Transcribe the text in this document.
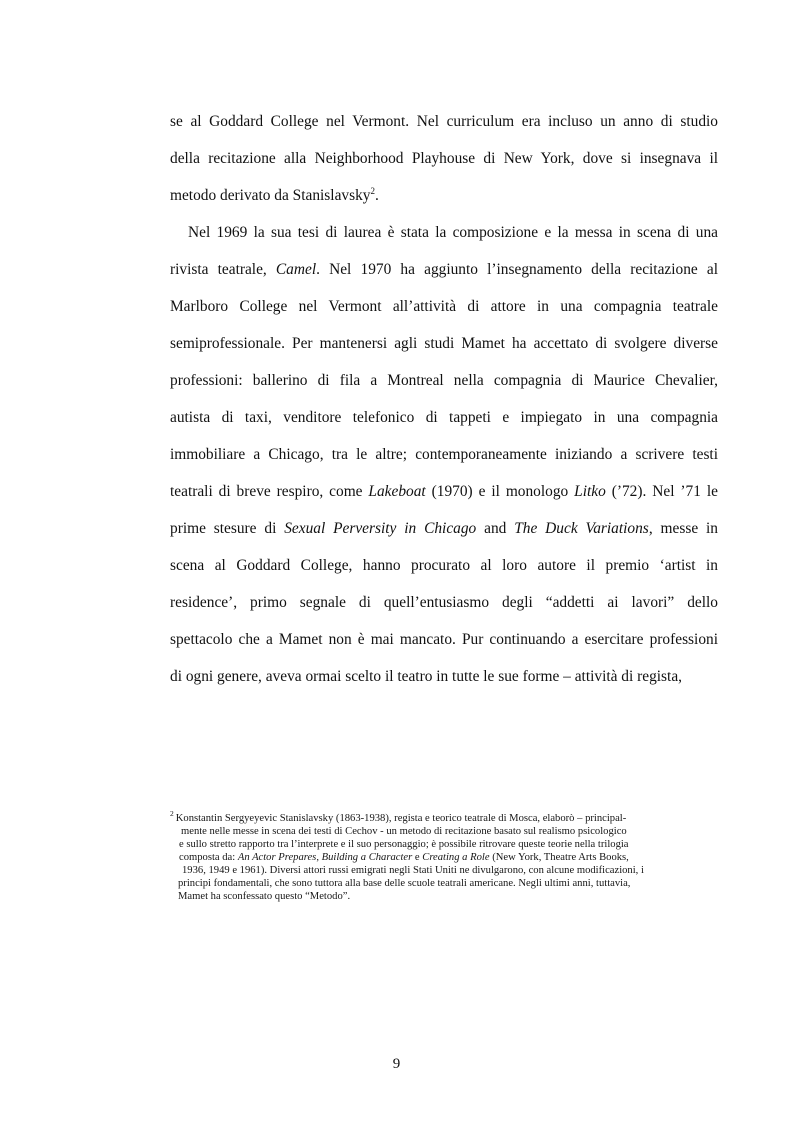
se al Goddard College nel Vermont. Nel curriculum era incluso un anno di studio
della recitazione alla Neighborhood Playhouse di New York, dove si insegnava il
metodo derivato da Stanislavsky$^2$.
Nel 1969 la sua tesi di laurea è stata la composizione e la messa in scena di una
rivista teatrale, Camel. Nel 1970 ha aggiunto l’insegnamento della recitazione al
Marlboro College nel Vermont all’attività di attore in una compagnia teatrale
semiprofessionale. Per mantenersi agli studi Mamet ha accettato di svolgere diverse
professioni: ballerino di fila a Montreal nella compagnia di Maurice Chevalier,
autista di taxi, venditore telefonico di tappeti e impiegato in una compagnia
immobiliare a Chicago, tra le altre; contemporaneamente iniziando a scrivere testi
teatrali di breve respiro, come Lakeboat (1970) e il monologo Litko (’72). Nel ’71 le
prime stesure di Sexual Perversity in Chicago and The Duck Variations, messe in
scena al Goddard College, hanno procurato al loro autore il premio ‘artist in
residence’, primo segnale di quell’entusiasmo degli “addetti ai lavori” dello
spettacolo che a Mamet non è mai mancato. Pur continuando a esercitare professioni
di ogni genere, aveva ormai scelto il teatro in tutte le sue forme – attività di regista,
$^2$ Konstantin Sergyeyevic Stanislavsky (1863-1938), regista e teorico teatrale di Mosca, elaborò – principal-
mente nelle messe in scena dei testi di Cechov - un metodo di recitazione basato sul realismo psicologico
e sullo stretto rapporto tra l’interprete e il suo personaggio; è possibile ritrovare queste teorie nella trilogia
composta da: An Actor Prepares, Building a Character e Creating a Role (New York, Theatre Arts Books,
1936, 1949 e 1961). Diversi attori russi emigrati negli Stati Uniti ne divulgarono, con alcune modificazioni, i
principi fondamentali, che sono tuttora alla base delle scuole teatrali americane. Negli ultimi anni, tuttavia,
Mamet ha sconfessato questo “Metodo”.
9
